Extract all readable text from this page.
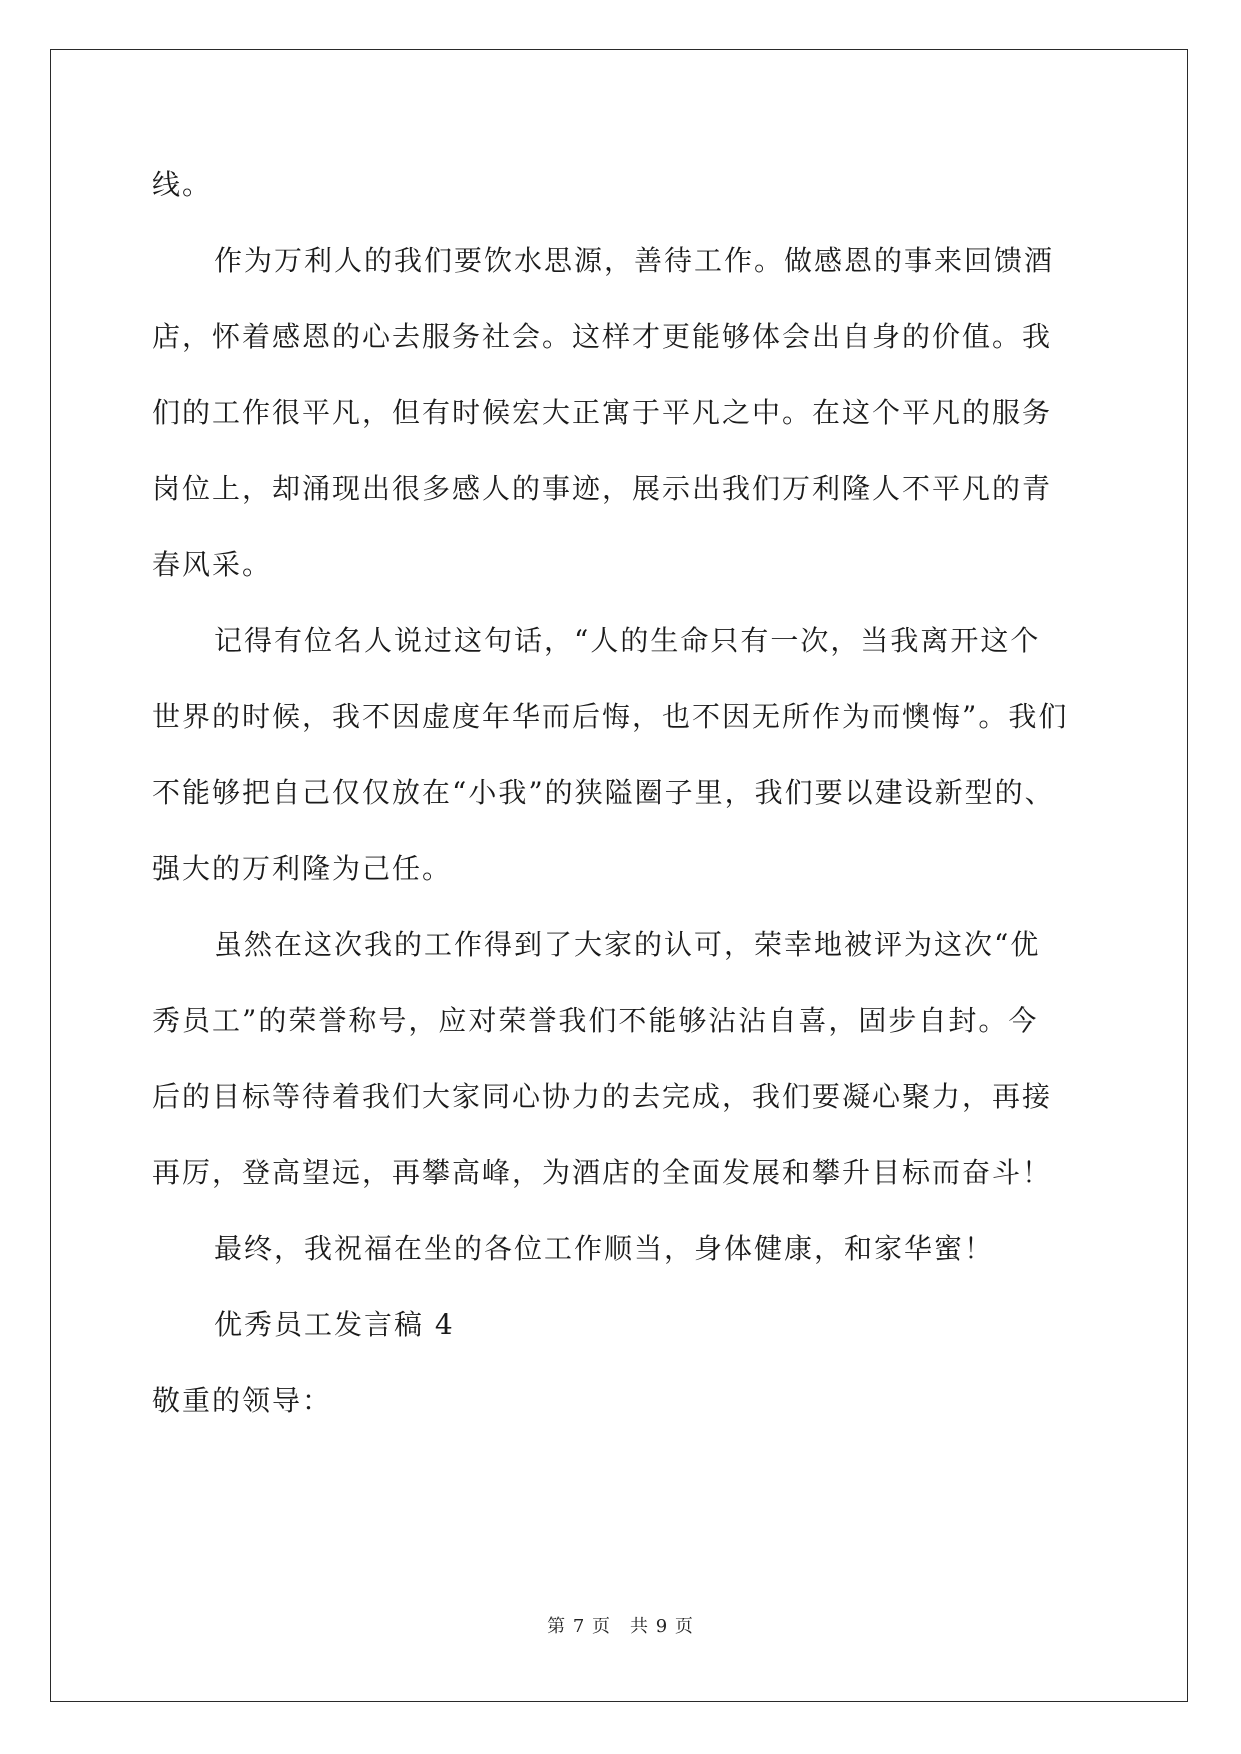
线。
作为万利人的我们要饮水思源，善待工作。做感恩的事来回馈酒
店，怀着感恩的心去服务社会。这样才更能够体会出自身的价值。我
们的工作很平凡，但有时候宏大正寓于平凡之中。在这个平凡的服务
岗位上，却涌现出很多感人的事迹，展示出我们万利隆人不平凡的青
春风采。
记得有位名人说过这句话，“人的生命只有一次，当我离开这个
世界的时候，我不因虚度年华而后悔，也不因无所作为而懊悔”。我们
不能够把自己仅仅放在“小我”的狭隘圈子里，我们要以建设新型的、
强大的万利隆为己任。
虽然在这次我的工作得到了大家的认可，荣幸地被评为这次“优
秀员工”的荣誉称号，应对荣誉我们不能够沾沾自喜，固步自封。今
后的目标等待着我们大家同心协力的去完成，我们要凝心聚力，再接
再厉，登高望远，再攀高峰，为酒店的全面发展和攀升目标而奋斗！
最终，我祝福在坐的各位工作顺当，身体健康，和家华蜜！
优秀员工发言稿 4
敬重的领导：
第 7 页　共 9 页
